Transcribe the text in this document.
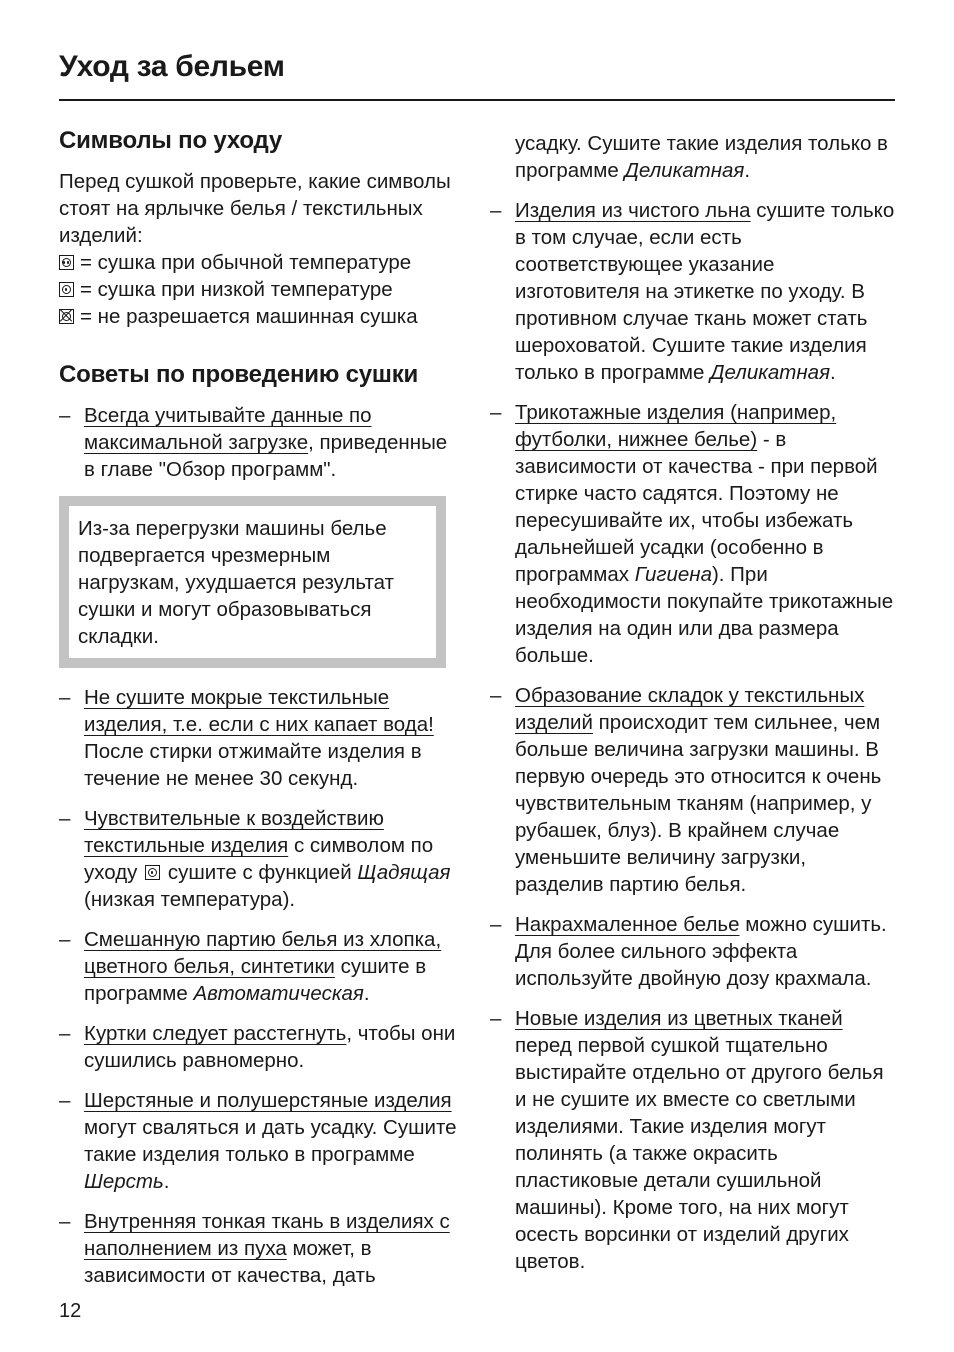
Уход за бельем
Символы по уходу

Перед сушкой проверьте, какие символы стоят на ярлычке белья / текстильных изделий:

= сушка при обычной температуре
= сушка при низкой температуре
= не разрешается машинная сушка
Советы по проведению сушки
– Всегда учитывайте данные по максимальной загрузке, приведенные в главе "Обзор программ".
Из-за перегрузки машины белье подвергается чрезмерным нагрузкам, ухудшается результат сушки и могут образовываться складки.
– Не сушите мокрые текстильные изделия, т.е. если с них капает вода! После стирки отжимайте изделия в течение не менее 30 секунд.
– Чувствительные к воздействию текстильные изделия с символом по уходу
сушите с функцией Щадящая (низкая температура).
– Смешанную партию белья из хлопка, цветного белья, синтетики сушите в программе Автоматическая.
– Куртки следует расстегнуть, чтобы они сушились равномерно.
– Шерстяные и полушерстяные изделия могут сваляться и дать усадку. Сушите такие изделия только в программе Шерсть.
– Внутренняя тонкая ткань в изделиях с наполнением из пуха может, в зависимости от качества, дать
усадку. Сушите такие изделия только в программе Деликатная.
– Изделия из чистого льна сушите только в том случае, если есть соответствующее указание изготовителя на этикетке по уходу. В противном случае ткань может стать шероховатой. Сушите такие изделия только в программе Деликатная.
– Трикотажные изделия (например, футболки, нижнее белье) - в зависимости от качества - при первой стирке часто садятся. Поэтому не пересушивайте их, чтобы избежать дальнейшей усадки (особенно в программах Гигиена). При необходимости покупайте трикотажные изделия на один или два размера больше.
– Образование складок у текстильных изделий происходит тем сильнее, чем больше величина загрузки машины. В первую очередь это относится к очень чувствительным тканям (например, у рубашек, блуз). В крайнем случае уменьшите величину загрузки, разделив партию белья.
– Накрахмаленное белье можно сушить. Для более сильного эффекта используйте двойную дозу крахмала.
– Новые изделия из цветных тканей перед первой сушкой тщательно выстирайте отдельно от другого белья и не сушите их вместе со светлыми изделиями. Такие изделия могут полинять (а также окрасить пластиковые детали сушильной машины). Кроме того, на них могут осесть ворсинки от изделий других цветов.
12
